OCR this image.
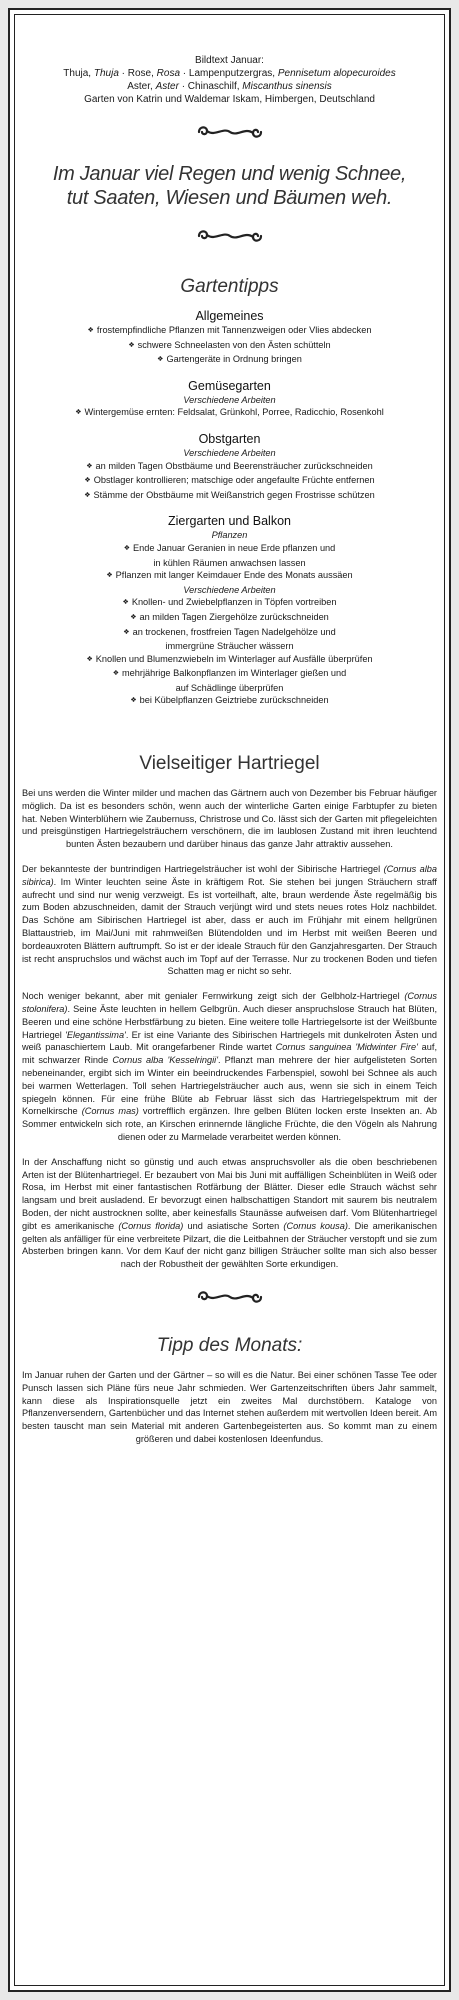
Bildtext Januar:
Thuja, Thuja · Rose, Rosa · Lampenputzergras, Pennisetum alopecuroides
Aster, Aster · Chinaschilf, Miscanthus sinensis
Garten von Katrin und Waldemar Iskam, Himbergen, Deutschland
Im Januar viel Regen und wenig Schnee,
tut Saaten, Wiesen und Bäumen weh.
Gartentipps
Allgemeines
❖ frostempfindliche Pflanzen mit Tannenzweigen oder Vlies abdecken
❖ schwere Schneelasten von den Ästen schütteln
❖ Gartengeräte in Ordnung bringen
Gemüsegarten
Verschiedene Arbeiten
❖ Wintergemüse ernten: Feldsalat, Grünkohl, Porree, Radicchio, Rosenkohl
Obstgarten
Verschiedene Arbeiten
❖ an milden Tagen Obstbäume und Beerensträucher zurückschneiden
❖ Obstlager kontrollieren; matschige oder angefaulte Früchte entfernen
❖ Stämme der Obstbäume mit Weißanstrich gegen Frostrisse schützen
Ziergarten und Balkon
Pflanzen
❖ Ende Januar Geranien in neue Erde pflanzen und
in kühlen Räumen anwachsen lassen
❖ Pflanzen mit langer Keimdauer Ende des Monats aussäen
Verschiedene Arbeiten
❖ Knollen- und Zwiebelpflanzen in Töpfen vortreiben
❖ an milden Tagen Ziergehölze zurückschneiden
❖ an trockenen, frostfreien Tagen Nadelgehölze und
immergrüne Sträucher wässern
❖ Knollen und Blumenzwiebeln im Winterlager auf Ausfälle überprüfen
❖ mehrjährige Balkonpflanzen im Winterlager gießen und
auf Schädlinge überprüfen
❖ bei Kübelpflanzen Geiztriebe zurückschneiden
Vielseitiger Hartriegel

Bei uns werden die Winter milder und machen das Gärtnern auch von Dezember bis Februar häufiger möglich. Da ist es besonders schön, wenn auch der winterliche Garten einige Farbtupfer zu bieten hat. Neben Winterblühern wie Zaubernuss, Christrose und Co. lässt sich der Garten mit pflegeleichten und preisgünstigen Hartriegelsträuchern verschönern, die im laublosen Zustand mit ihren leuchtend bunten Ästen bezaubern und darüber hinaus das ganze Jahr attraktiv aussehen.

Der bekannteste der buntrindigen Hartriegelsträucher ist wohl der Sibirische Hartriegel (Cornus alba sibirica). Im Winter leuchten seine Äste in kräftigem Rot. Sie stehen bei jungen Sträuchern straff aufrecht und sind nur wenig verzweigt. Es ist vorteilhaft, alte, braun werdende Äste regelmäßig bis zum Boden abzuschneiden, damit der Strauch verjüngt wird und stets neues rotes Holz nachbildet. Das Schöne am Sibirischen Hartriegel ist aber, dass er auch im Frühjahr mit einem hellgrünen Blattaustrieb, im Mai/Juni mit rahmweißen Blütendolden und im Herbst mit weißen Beeren und bordeauxroten Blättern auftrumpft. So ist er der ideale Strauch für den Ganzjahresgarten. Der Strauch ist recht anspruchslos und wächst auch im Topf auf der Terrasse. Nur zu trockenen Boden und tiefen Schatten mag er nicht so sehr.

Noch weniger bekannt, aber mit genialer Fernwirkung zeigt sich der Gelbholz-Hartriegel (Cornus stolonifera). Seine Äste leuchten in hellem Gelbgrün. Auch dieser anspruchslose Strauch hat Blüten, Beeren und eine schöne Herbstfärbung zu bieten. Eine weitere tolle Hartriegelsorte ist der Weißbunte Hartriegel 'Elegantissima'. Er ist eine Variante des Sibirischen Hartriegels mit dunkelroten Ästen und weiß panaschiertem Laub. Mit orangefarbener Rinde wartet Cornus sanguinea 'Midwinter Fire' auf, mit schwarzer Rinde Cornus alba 'Kesselringii'. Pflanzt man mehrere der hier aufgelisteten Sorten nebeneinander, ergibt sich im Winter ein beeindruckendes Farbenspiel, sowohl bei Schnee als auch bei warmen Wetterlagen. Toll sehen Hartriegelsträucher auch aus, wenn sie sich in einem Teich spiegeln können. Für eine frühe Blüte ab Februar lässt sich das Hartriegelspektrum mit der Kornelkirsche (Cornus mas) vortrefflich ergänzen. Ihre gelben Blüten locken erste Insekten an. Ab Sommer entwickeln sich rote, an Kirschen erinnernde längliche Früchte, die den Vögeln als Nahrung dienen oder zu Marmelade verarbeitet werden können.

In der Anschaffung nicht so günstig und auch etwas anspruchsvoller als die oben beschriebenen Arten ist der Blütenhartriegel. Er bezaubert von Mai bis Juni mit auffälligen Scheinblüten in Weiß oder Rosa, im Herbst mit einer fantastischen Rotfärbung der Blätter. Dieser edle Strauch wächst sehr langsam und breit ausladend. Er bevorzugt einen halbschattigen Standort mit saurem bis neutralem Boden, der nicht austrocknen sollte, aber keinesfalls Staunässe aufweisen darf. Vom Blütenhartriegel gibt es amerikanische (Cornus florida) und asiatische Sorten (Cornus kousa). Die amerikanischen gelten als anfälliger für eine verbreitete Pilzart, die die Leitbahnen der Sträucher verstopft und sie zum Absterben bringen kann. Vor dem Kauf der nicht ganz billigen Sträucher sollte man sich also besser nach der Robustheit der gewählten Sorte erkundigen.

Tipp des Monats:

Im Januar ruhen der Garten und der Gärtner – so will es die Natur. Bei einer schönen Tasse Tee oder Punsch lassen sich Pläne fürs neue Jahr schmieden. Wer Gartenzeitschriften übers Jahr sammelt, kann diese als Inspirationsquelle jetzt ein zweites Mal durchstöbern. Kataloge von Pflanzenversendern, Gartenbücher und das Internet stehen außerdem mit wertvollen Ideen bereit. Am besten tauscht man sein Material mit anderen Gartenbegeisterten aus. So kommt man zu einem größeren und dabei kostenlosen Ideenfundus.
